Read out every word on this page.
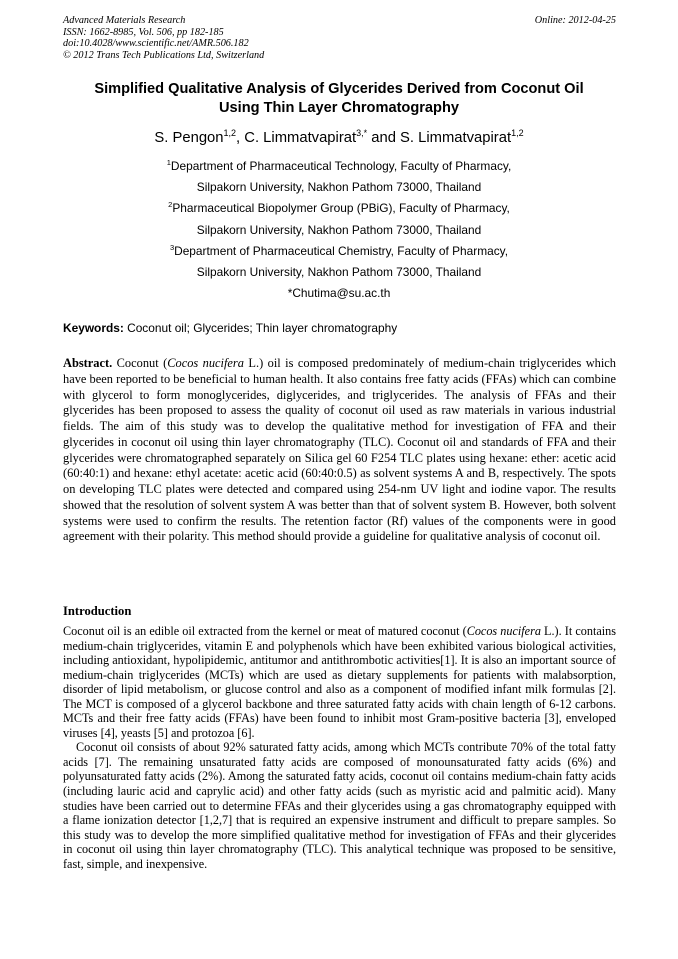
Advanced Materials Research
ISSN: 1662-8985, Vol. 506, pp 182-185
doi:10.4028/www.scientific.net/AMR.506.182
© 2012 Trans Tech Publications Ltd, Switzerland
Online: 2012-04-25
Simplified Qualitative Analysis of Glycerides Derived from Coconut Oil
Using Thin Layer Chromatography
S. Pengon$^{1,2}$, C. Limmatvapirat$^{3,*}$ and S. Limmatvapirat$^{1,2}$
$^1$Department of Pharmaceutical Technology, Faculty of Pharmacy,
Silpakorn University, Nakhon Pathom 73000, Thailand
$^2$Pharmaceutical Biopolymer Group (PBiG), Faculty of Pharmacy,
Silpakorn University, Nakhon Pathom 73000, Thailand
$^3$Department of Pharmaceutical Chemistry, Faculty of Pharmacy,
Silpakorn University, Nakhon Pathom 73000, Thailand
*Chutima@su.ac.th
Keywords: Coconut oil; Glycerides; Thin layer chromatography
Abstract. Coconut (Cocos nucifera L.) oil is composed predominately of medium-chain triglycerides which have been reported to be beneficial to human health. It also contains free fatty acids (FFAs) which can combine with glycerol to form monoglycerides, diglycerides, and triglycerides. The analysis of FFAs and their glycerides has been proposed to assess the quality of coconut oil used as raw materials in various industrial fields. The aim of this study was to develop the qualitative method for investigation of FFA and their glycerides in coconut oil using thin layer chromatography (TLC). Coconut oil and standards of FFA and their glycerides were chromatographed separately on Silica gel 60 F254 TLC plates using hexane: ether: acetic acid (60:40:1) and hexane: ethyl acetate: acetic acid (60:40:0.5) as solvent systems A and B, respectively. The spots on developing TLC plates were detected and compared using 254-nm UV light and iodine vapor. The results showed that the resolution of solvent system A was better than that of solvent system B. However, both solvent systems were used to confirm the results. The retention factor (Rf) values of the components were in good agreement with their polarity. This method should provide a guideline for qualitative analysis of coconut oil.
Introduction

Coconut oil is an edible oil extracted from the kernel or meat of matured coconut (Cocos nucifera L.). It contains medium-chain triglycerides, vitamin E and polyphenols which have been exhibited various biological activities, including antioxidant, hypolipidemic, antitumor and antithrombotic activities[1]. It is also an important source of medium-chain triglycerides (MCTs) which are used as dietary supplements for patients with malabsorption, disorder of lipid metabolism, or glucose control and also as a component of modified infant milk formulas [2]. The MCT is composed of a glycerol backbone and three saturated fatty acids with chain length of 6-12 carbons. MCTs and their free fatty acids (FFAs) have been found to inhibit most Gram-positive bacteria [3], enveloped viruses [4], yeasts [5] and protozoa [6].

Coconut oil consists of about 92% saturated fatty acids, among which MCTs contribute 70% of the total fatty acids [7]. The remaining unsaturated fatty acids are composed of monounsaturated fatty acids (6%) and polyunsaturated fatty acids (2%). Among the saturated fatty acids, coconut oil contains medium-chain fatty acids (including lauric acid and caprylic acid) and other fatty acids (such as myristic acid and palmitic acid). Many studies have been carried out to determine FFAs and their glycerides using a gas chromatography equipped with a flame ionization detector [1,2,7] that is required an expensive instrument and difficult to prepare samples. So this study was to develop the more simplified qualitative method for investigation of FFAs and their glycerides in coconut oil using thin layer chromatography (TLC). This analytical technique was proposed to be sensitive, fast, simple, and inexpensive.
